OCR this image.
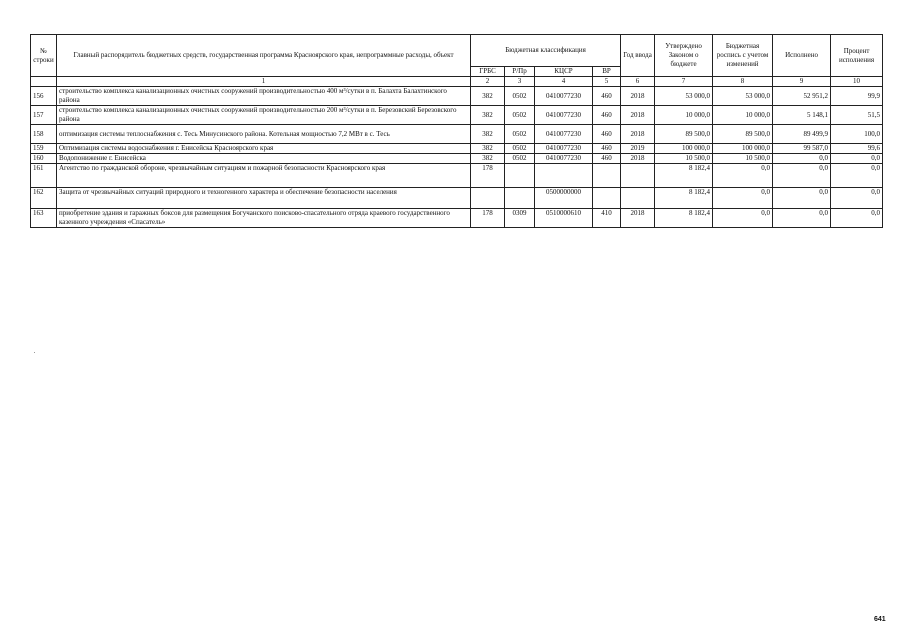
№ строки	Главный распорядитель бюджетных средств, государственная программа Красноярского края, непрограммные расходы, объект	Бюджетная классификация				Год ввода	Утверждено Законом о бюджете	Бюджетная роспись с учетом изменений	Исполнено	Процент исполнения
		ГРБС	Р/Пр	КЦСР	ВР					
	1	2	3	4	5	6	7	8	9	10
156	строительство комплекса канализационных очистных сооружений производительностью 400 м³/сутки в п. Балахта Балахтинского района	382	0502	0410077230	460	2018	53 000,0	53 000,0	52 951,2	99,9
157	строительство комплекса канализационных очистных сооружений производительностью 200 м³/сутки в п. Березовский Березовского района	382	0502	0410077230	460	2018	10 000,0	10 000,0	5 148,1	51,5
158	оптимизация системы теплоснабжения с. Тесь Минусинского района. Котельная мощностью 7,2 МВт в с. Тесь	382	0502	0410077230	460	2018	89 500,0	89 500,0	89 499,9	100,0
159	Оптимизация системы водоснабжения г. Енисейска Красноярского края	382	0502	0410077230	460	2019	100 000,0	100 000,0	99 587,0	99,6
160	Водопонижение г. Енисейска	382	0502	0410077230	460	2018	10 500,0	10 500,0	0,0	0,0
161	Агентство по гражданской обороне, чрезвычайным ситуациям и пожарной безопасности Красноярского края	178					8 182,4	0,0	0,0	0,0
162	Защита от чрезвычайных ситуаций природного и техногенного характера и обеспечение безопасности населения			0500000000			8 182,4	0,0	0,0	0,0
163	приобретение здания и гаражных боксов для размещения Богучанского поисково-спасательного отряда краевого государственного казенного учреждения «Спасатель»	178	0309	0510000610	410	2018	8 182,4	0,0	0,0	0,0
641
